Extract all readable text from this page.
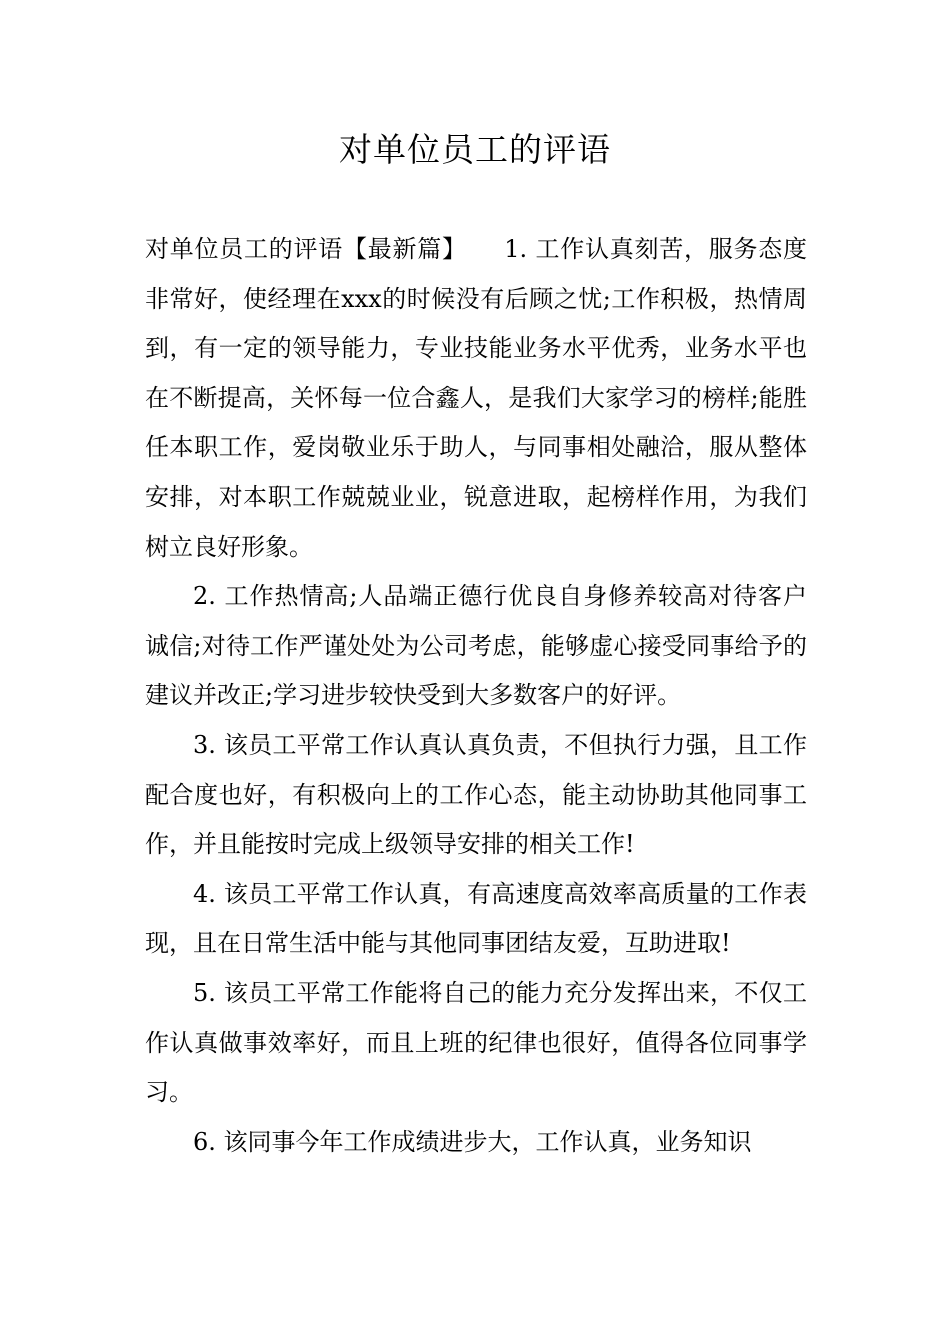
对单位员工的评语

对单位员工的评语【最新篇】　　1. 工作认真刻苦，服务态度非常好，使经理在xxx的时候没有后顾之忧;工作积极，热情周到，有一定的领导能力，专业技能业务水平优秀，业务水平也在不断提高，关怀每一位合鑫人，是我们大家学习的榜样;能胜任本职工作，爱岗敬业乐于助人，与同事相处融洽，服从整体安排，对本职工作兢兢业业，锐意进取，起榜样作用，为我们树立良好形象。

2. 工作热情高;人品端正德行优良自身修养较高对待客户诚信;对待工作严谨处处为公司考虑，能够虚心接受同事给予的建议并改正;学习进步较快受到大多数客户的好评。

3. 该员工平常工作认真认真负责，不但执行力强，且工作配合度也好，有积极向上的工作心态，能主动协助其他同事工作，并且能按时完成上级领导安排的相关工作!

4. 该员工平常工作认真，有高速度高效率高质量的工作表现，且在日常生活中能与其他同事团结友爱，互助进取!

5. 该员工平常工作能将自己的能力充分发挥出来，不仅工作认真做事效率好，而且上班的纪律也很好，值得各位同事学习。

6. 该同事今年工作成绩进步大，工作认真，业务知识
